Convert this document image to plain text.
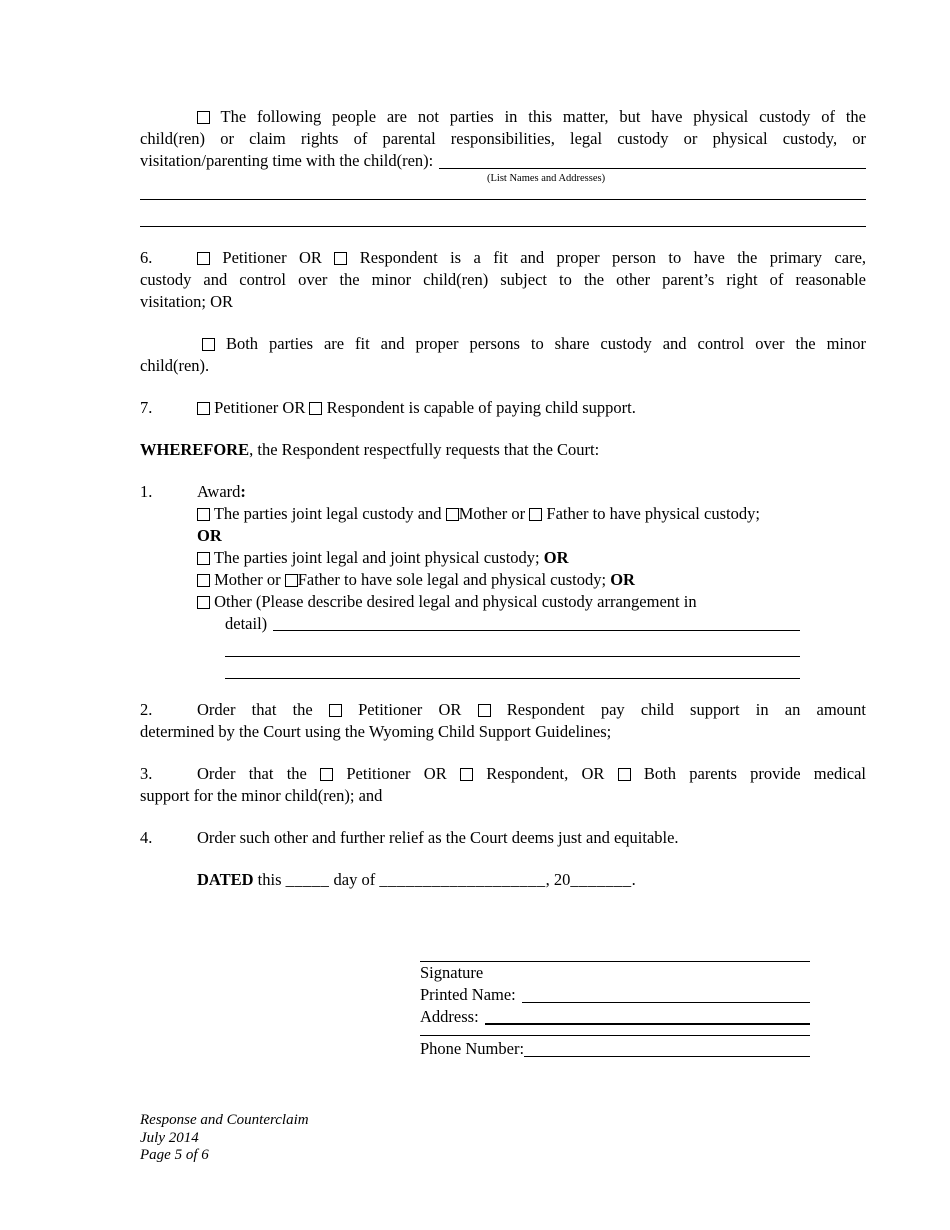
The following people are not parties in this matter, but have physical custody of the
child(ren) or claim rights of parental responsibilities, legal custody or physical custody, or
visitation/parenting time with the child(ren):
(List Names and Addresses)
6.	Petitioner OR Respondent is a fit and proper person to have the primary care,
custody and control over the minor child(ren) subject to the other parent’s right of reasonable
visitation; OR
Both parties are fit and proper persons to share custody and control over the minor
child(ren).
7.	Petitioner OR Respondent is capable of paying child support.
WHEREFORE, the Respondent respectfully requests that the Court:
1.	Award:
The parties joint legal custody and Mother or Father to have physical custody;
OR
The parties joint legal and joint physical custody; OR
Mother or Father to have sole legal and physical custody; OR
Other (Please describe desired legal and physical custody arrangement in
detail)
2.	Order that the	Petitioner OR	Respondent pay child support in an amount
determined by the Court using the Wyoming Child Support Guidelines;
3.	Order that the Petitioner OR Respondent, OR Both parents provide medical
support for the minor child(ren); and
4.	Order such other and further relief as the Court deems just and equitable.
DATED this _____ day of ___________________, 20_______.
Signature
Printed Name:
Address:
Phone Number:
Response and Counterclaim
July 2014
Page 5 of 6
